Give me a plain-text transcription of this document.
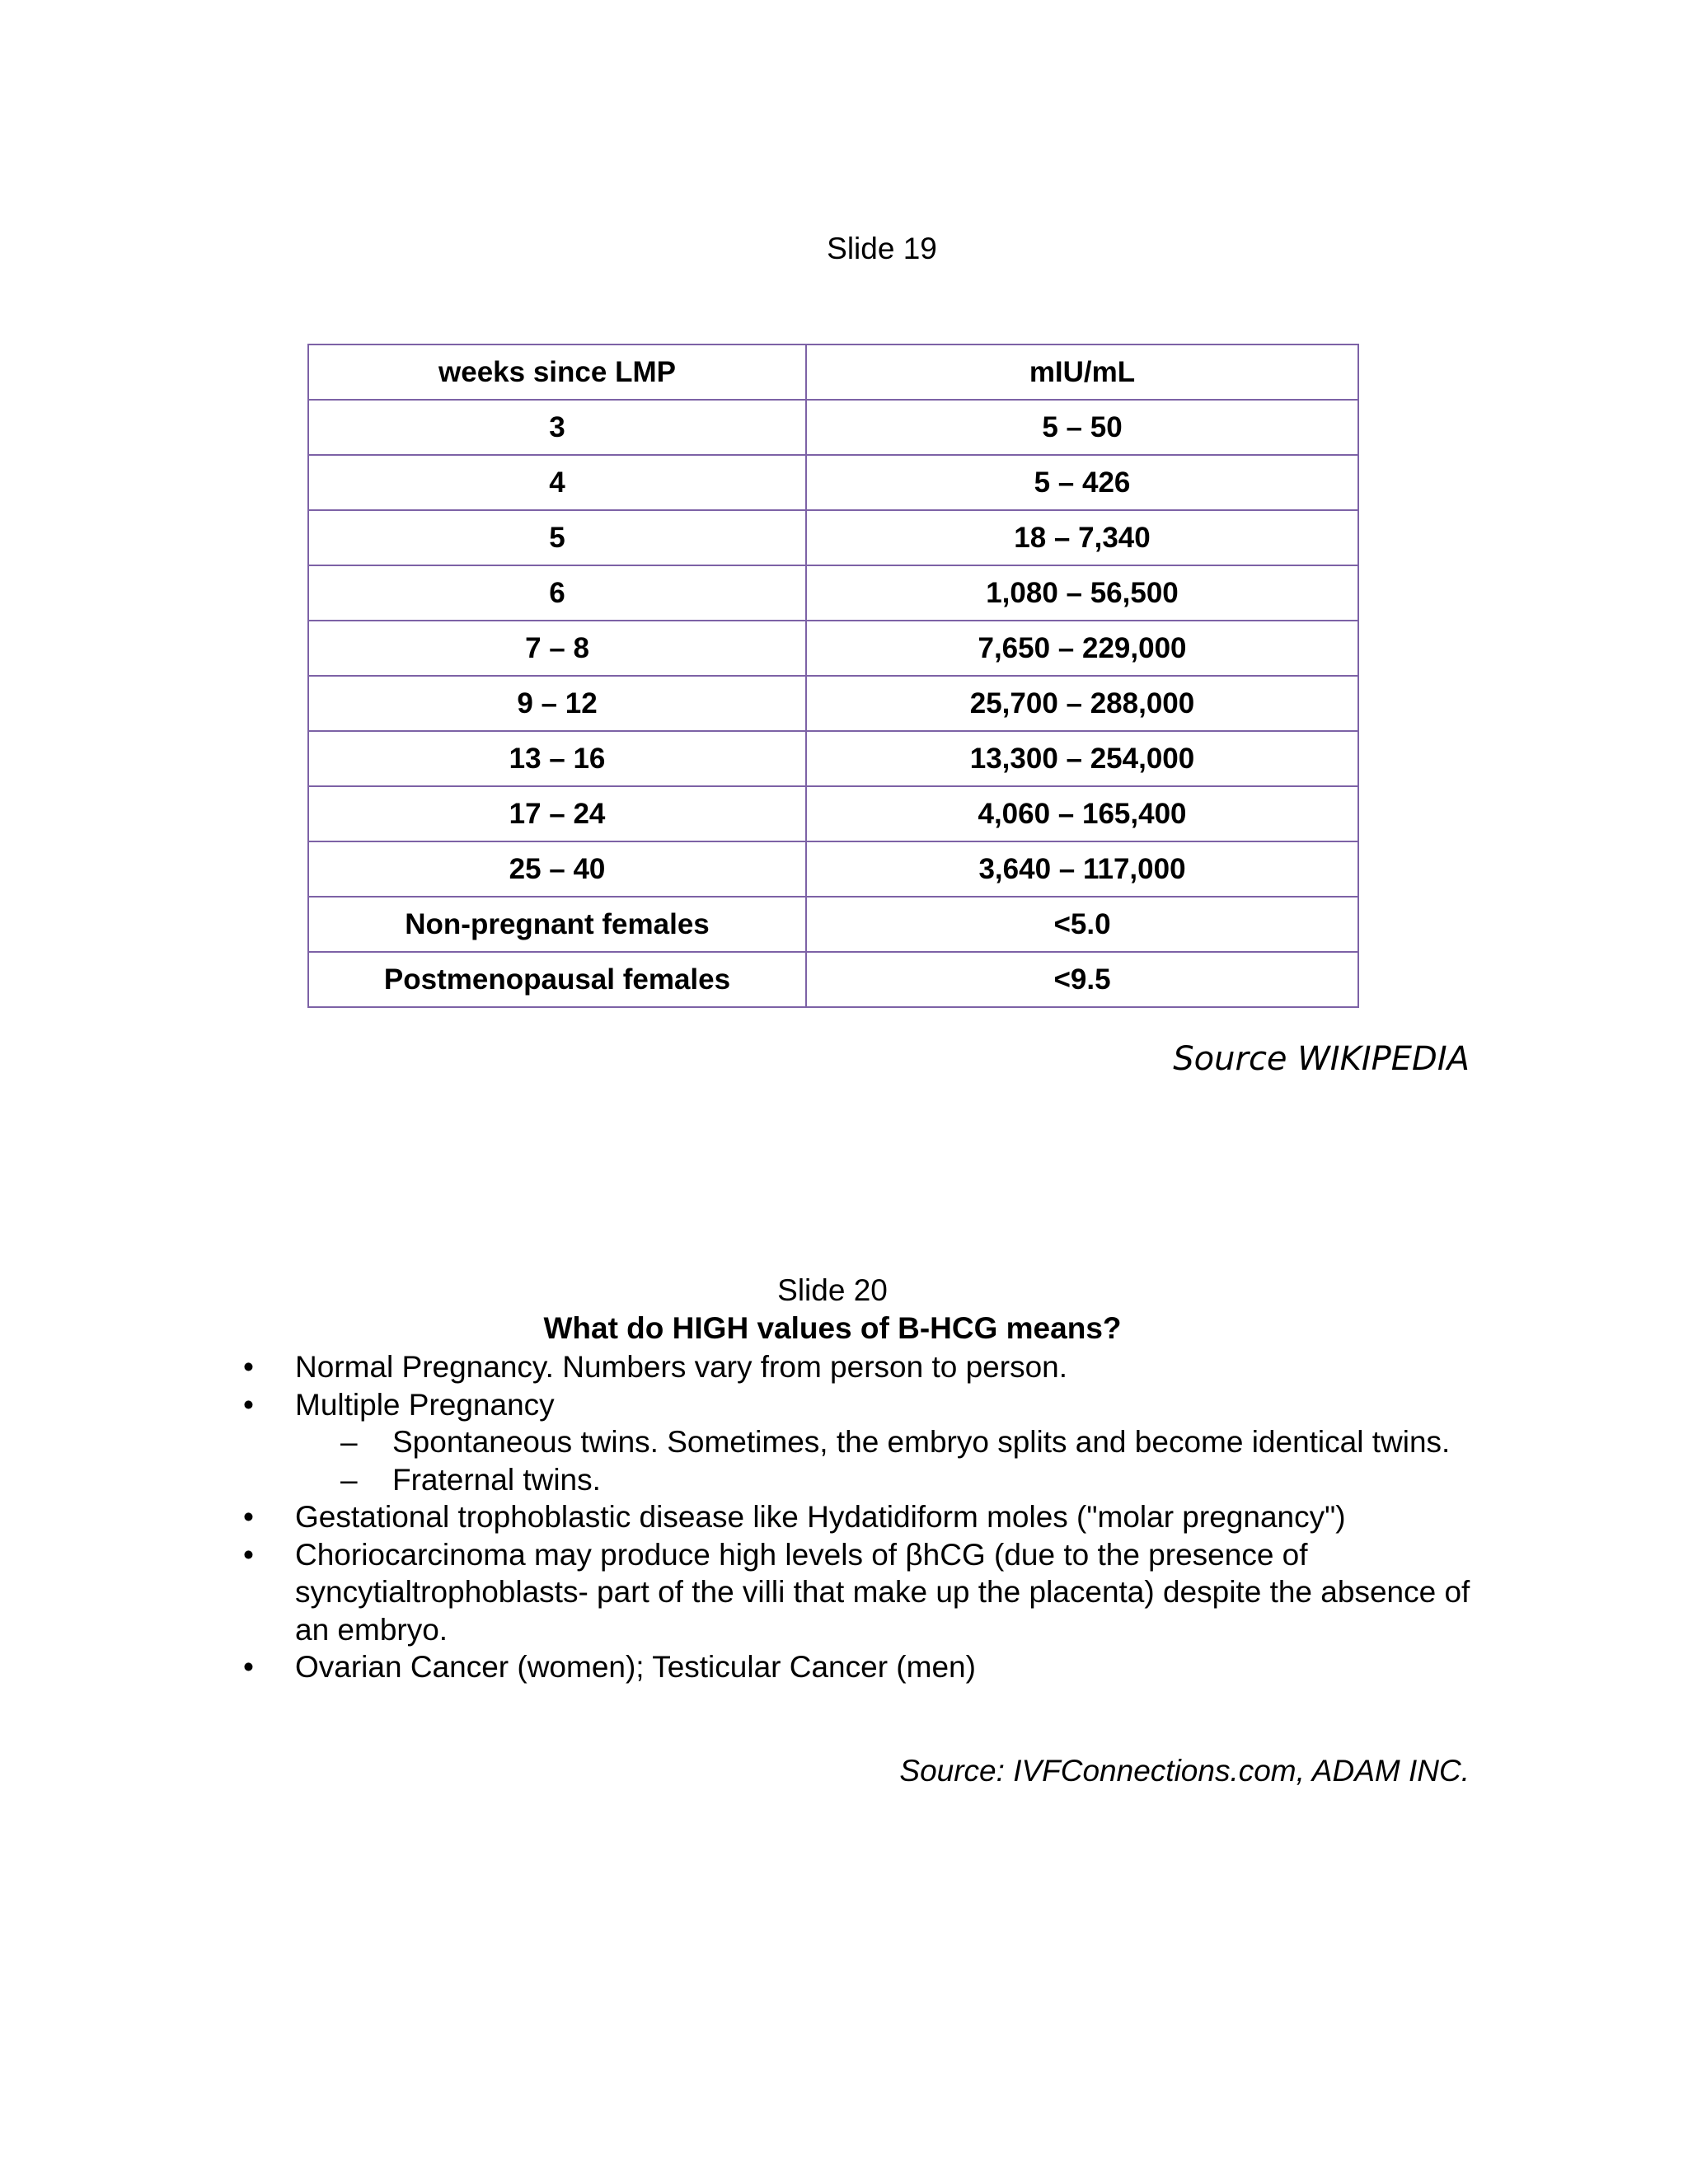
Slide 19
weeks since LMP	mIU/mL
3	5 – 50
4	5 – 426
5	18 – 7,340
6	1,080 – 56,500
7 – 8	7,650 – 229,000
9 – 12	25,700 – 288,000
13 – 16	13,300 – 254,000
17 – 24	4,060 – 165,400
25 – 40	3,640 – 117,000
Non-pregnant females	<5.0
Postmenopausal females	<9.5
Source WIKIPEDIA
Slide 20
What do HIGH values of B-HCG means?
•	Normal Pregnancy. Numbers vary from person to person.
•	Multiple Pregnancy
– Spontaneous twins. Sometimes, the embryo splits and become identical twins.
– Fraternal twins.
•	Gestational trophoblastic disease like Hydatidiform moles ("molar pregnancy")
•	Choriocarcinoma may produce high levels of βhCG (due to the presence of syncytialtrophoblasts- part of the villi that make up the placenta) despite the absence of an embryo.
•	Ovarian Cancer (women); Testicular Cancer (men)
Source: IVFConnections.com, ADAM INC.
